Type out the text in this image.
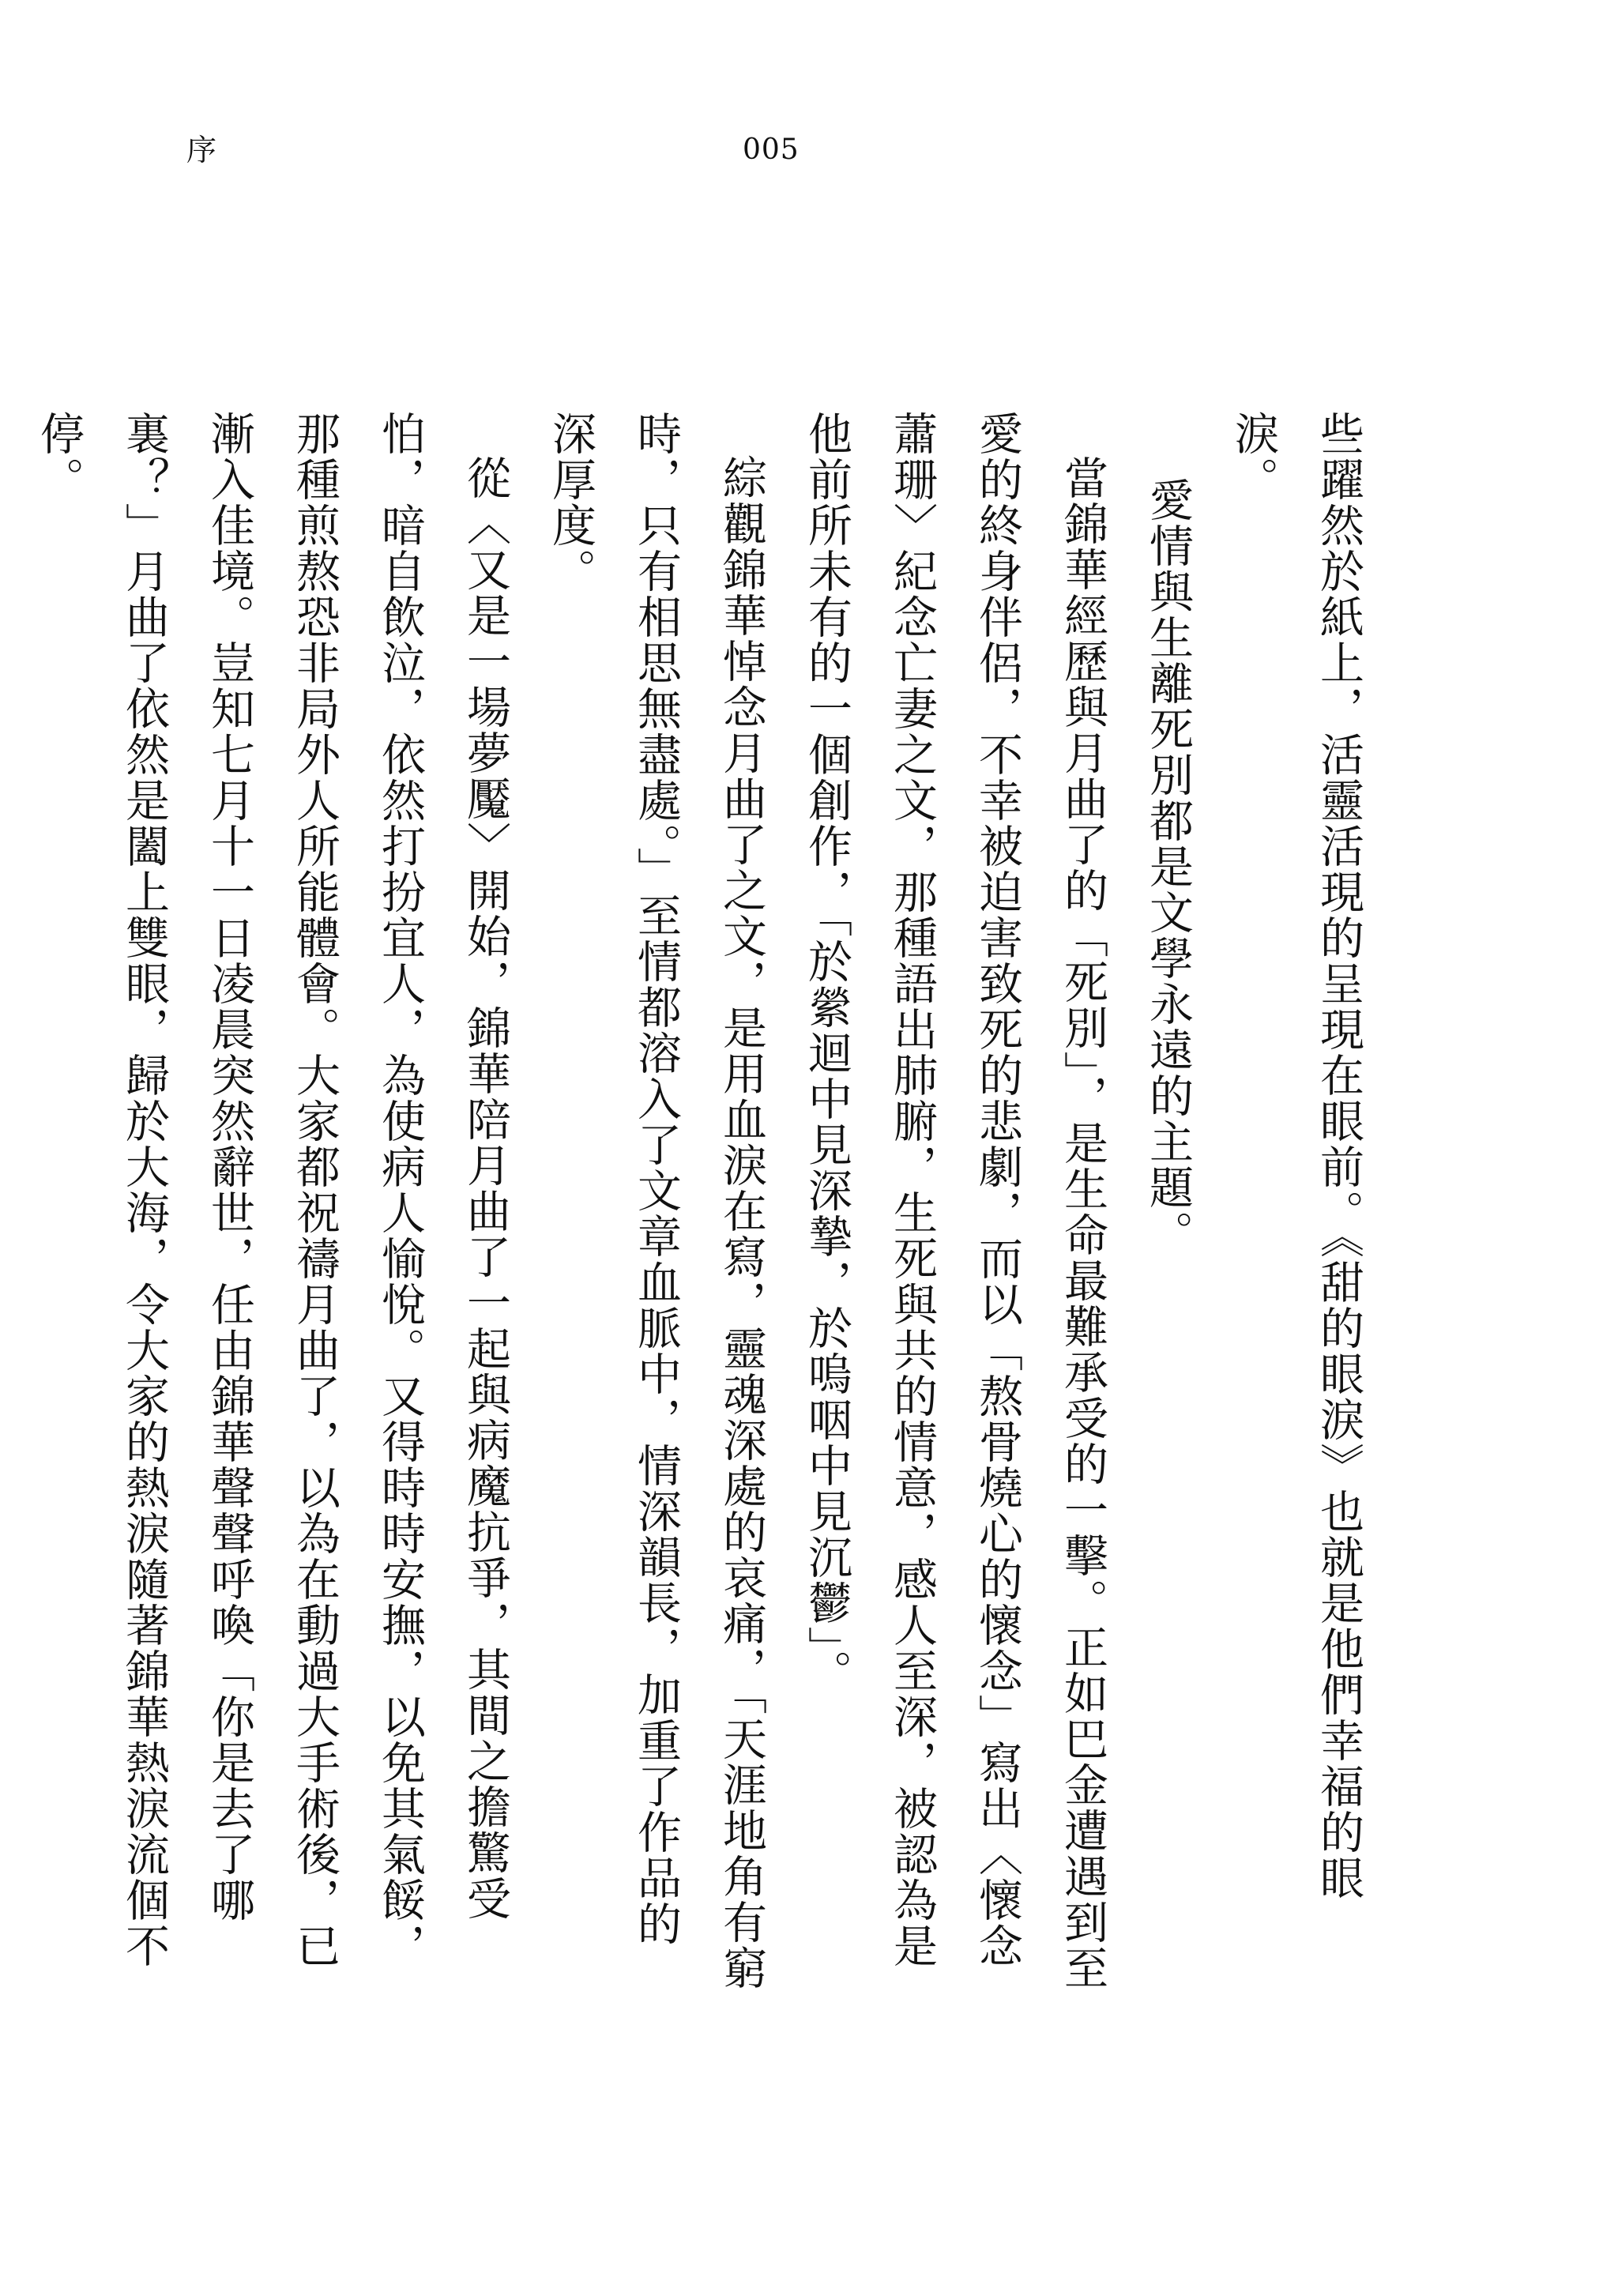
序	005

些躍然於紙上，活靈活現的呈現在眼前。《甜的眼淚》也就是他們幸福的眼淚。

愛情與生離死別都是文學永遠的主題。

當錦華經歷與月曲了的「死別」，是生命最難承受的一擊。正如巴金遭遇到至愛的終身伴侶，不幸被迫害致死的悲劇，而以「熬骨燒心的懷念」寫出〈懷念蕭珊〉紀念亡妻之文，那種語出肺腑，生死與共的情意，感人至深，被認為是他前所未有的一個創作，「於縈迴中見深摯，於嗚咽中見沉鬱」。

綜觀錦華悼念月曲了之文，是用血淚在寫，靈魂深處的哀痛，「天涯地角有窮時，只有相思無盡處。」至情都溶入了文章血脈中，情深韻長，加重了作品的深厚度。

從〈又是一場夢魘〉開始，錦華陪月曲了一起與病魔抗爭，其間之擔驚受怕，暗自飲泣，依然打扮宜人，為使病人愉悅。又得時時安撫，以免其氣餒，那種煎熬恐非局外人所能體會。大家都祝禱月曲了，以為在動過大手術後，已漸入佳境。豈知七月十一日凌晨突然辭世，任由錦華聲聲呼喚「你是去了哪裏？」月曲了依然是闔上雙眼，歸於大海，令大家的熱淚隨著錦華熱淚流個不停。
